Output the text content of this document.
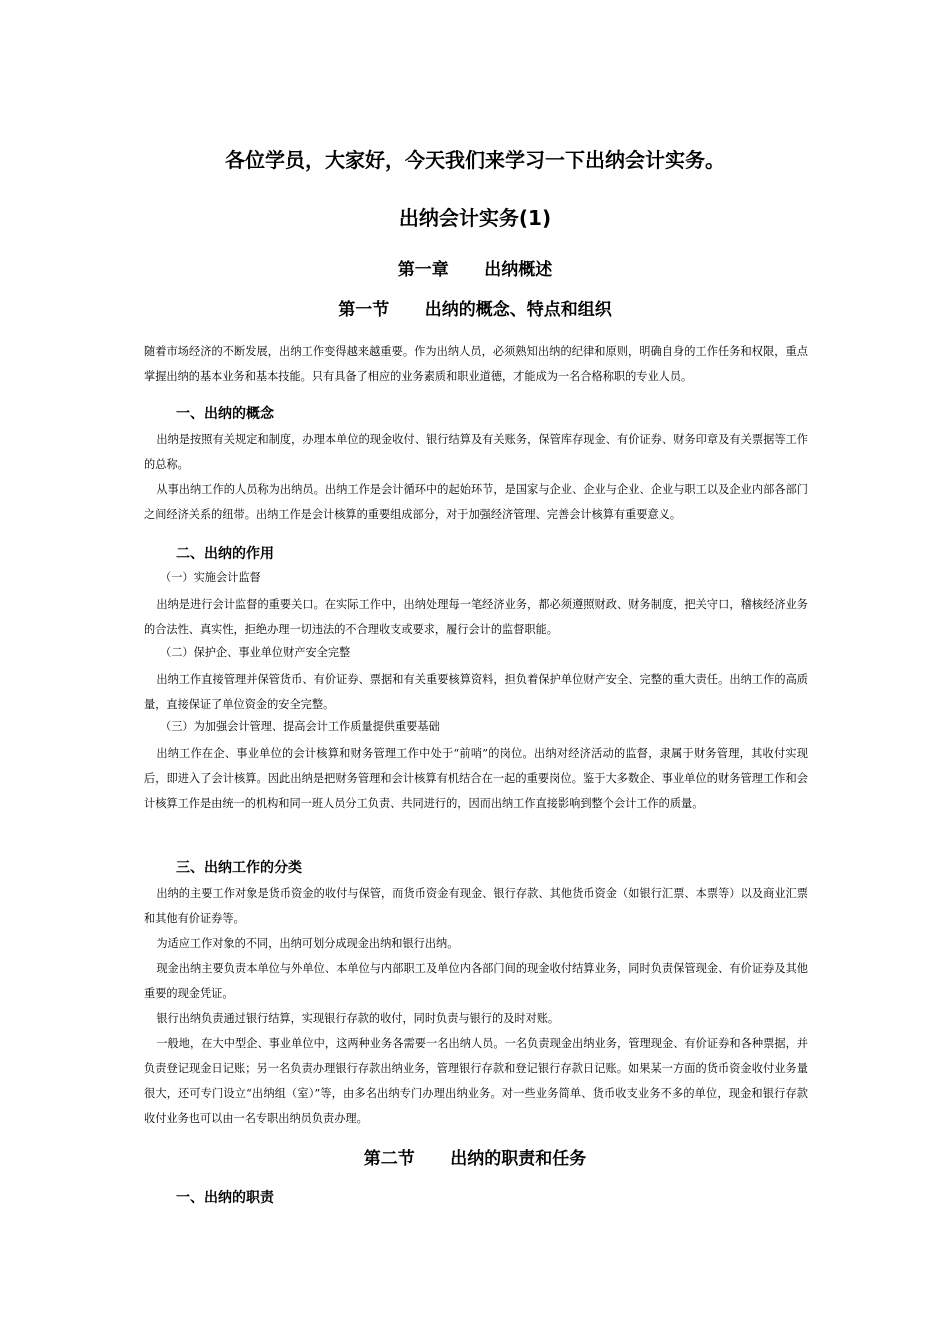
各位学员，大家好，今天我们来学习一下出纳会计实务。
出纳会计实务(1)
第一章      出纳概述
第一节      出纳的概念、特点和组织

随着市场经济的不断发展，出纳工作变得越来越重要。作为出纳人员，必须熟知出纳的纪律和原则，明确自身的工作任务和权限，重点掌握出纳的基本业务和基本技能。只有具备了相应的业务素质和职业道德，才能成为一名合格称职的专业人员。

一、出纳的概念

出纳是按照有关规定和制度，办理本单位的现金收付、银行结算及有关账务，保管库存现金、有价证券、财务印章及有关票据等工作的总称。

从事出纳工作的人员称为出纳员。出纳工作是会计循环中的起始环节，是国家与企业、企业与企业、企业与职工以及企业内部各部门之间经济关系的纽带。出纳工作是会计核算的重要组成部分，对于加强经济管理、完善会计核算有重要意义。

二、出纳的作用

（一）实施会计监督

出纳是进行会计监督的重要关口。在实际工作中，出纳处理每一笔经济业务，都必须遵照财政、财务制度，把关守口，稽核经济业务的合法性、真实性，拒绝办理一切违法的不合理收支或要求，履行会计的监督职能。

（二）保护企、事业单位财产安全完整

出纳工作直接管理并保管货币、有价证券、票据和有关重要核算资料，担负着保护单位财产安全、完整的重大责任。出纳工作的高质量，直接保证了单位资金的安全完整。

（三）为加强会计管理、提高会计工作质量提供重要基础

出纳工作在企、事业单位的会计核算和财务管理工作中处于“前哨”的岗位。出纳对经济活动的监督，隶属于财务管理，其收付实现后，即进入了会计核算。因此出纳是把财务管理和会计核算有机结合在一起的重要岗位。鉴于大多数企、事业单位的财务管理工作和会计核算工作是由统一的机构和同一班人员分工负责、共同进行的，因而出纳工作直接影响到整个会计工作的质量。

三、出纳工作的分类

出纳的主要工作对象是货币资金的收付与保管，而货币资金有现金、银行存款、其他货币资金（如银行汇票、本票等）以及商业汇票和其他有价证券等。

为适应工作对象的不同，出纳可划分成现金出纳和银行出纳。

现金出纳主要负责本单位与外单位、本单位与内部职工及单位内各部门间的现金收付结算业务，同时负责保管现金、有价证券及其他重要的现金凭证。

银行出纳负责通过银行结算，实现银行存款的收付，同时负责与银行的及时对账。

一般地，在大中型企、事业单位中，这两种业务各需要一名出纳人员。一名负责现金出纳业务，管理现金、有价证券和各种票据，并负责登记现金日记账；另一名负责办理银行存款出纳业务，管理银行存款和登记银行存款日记账。如果某一方面的货币资金收付业务量很大，还可专门设立“出纳组（室）”等，由多名出纳专门办理出纳业务。对一些业务简单、货币收支业务不多的单位，现金和银行存款收付业务也可以由一名专职出纳员负责办理。

第二节      出纳的职责和任务
一、出纳的职责
